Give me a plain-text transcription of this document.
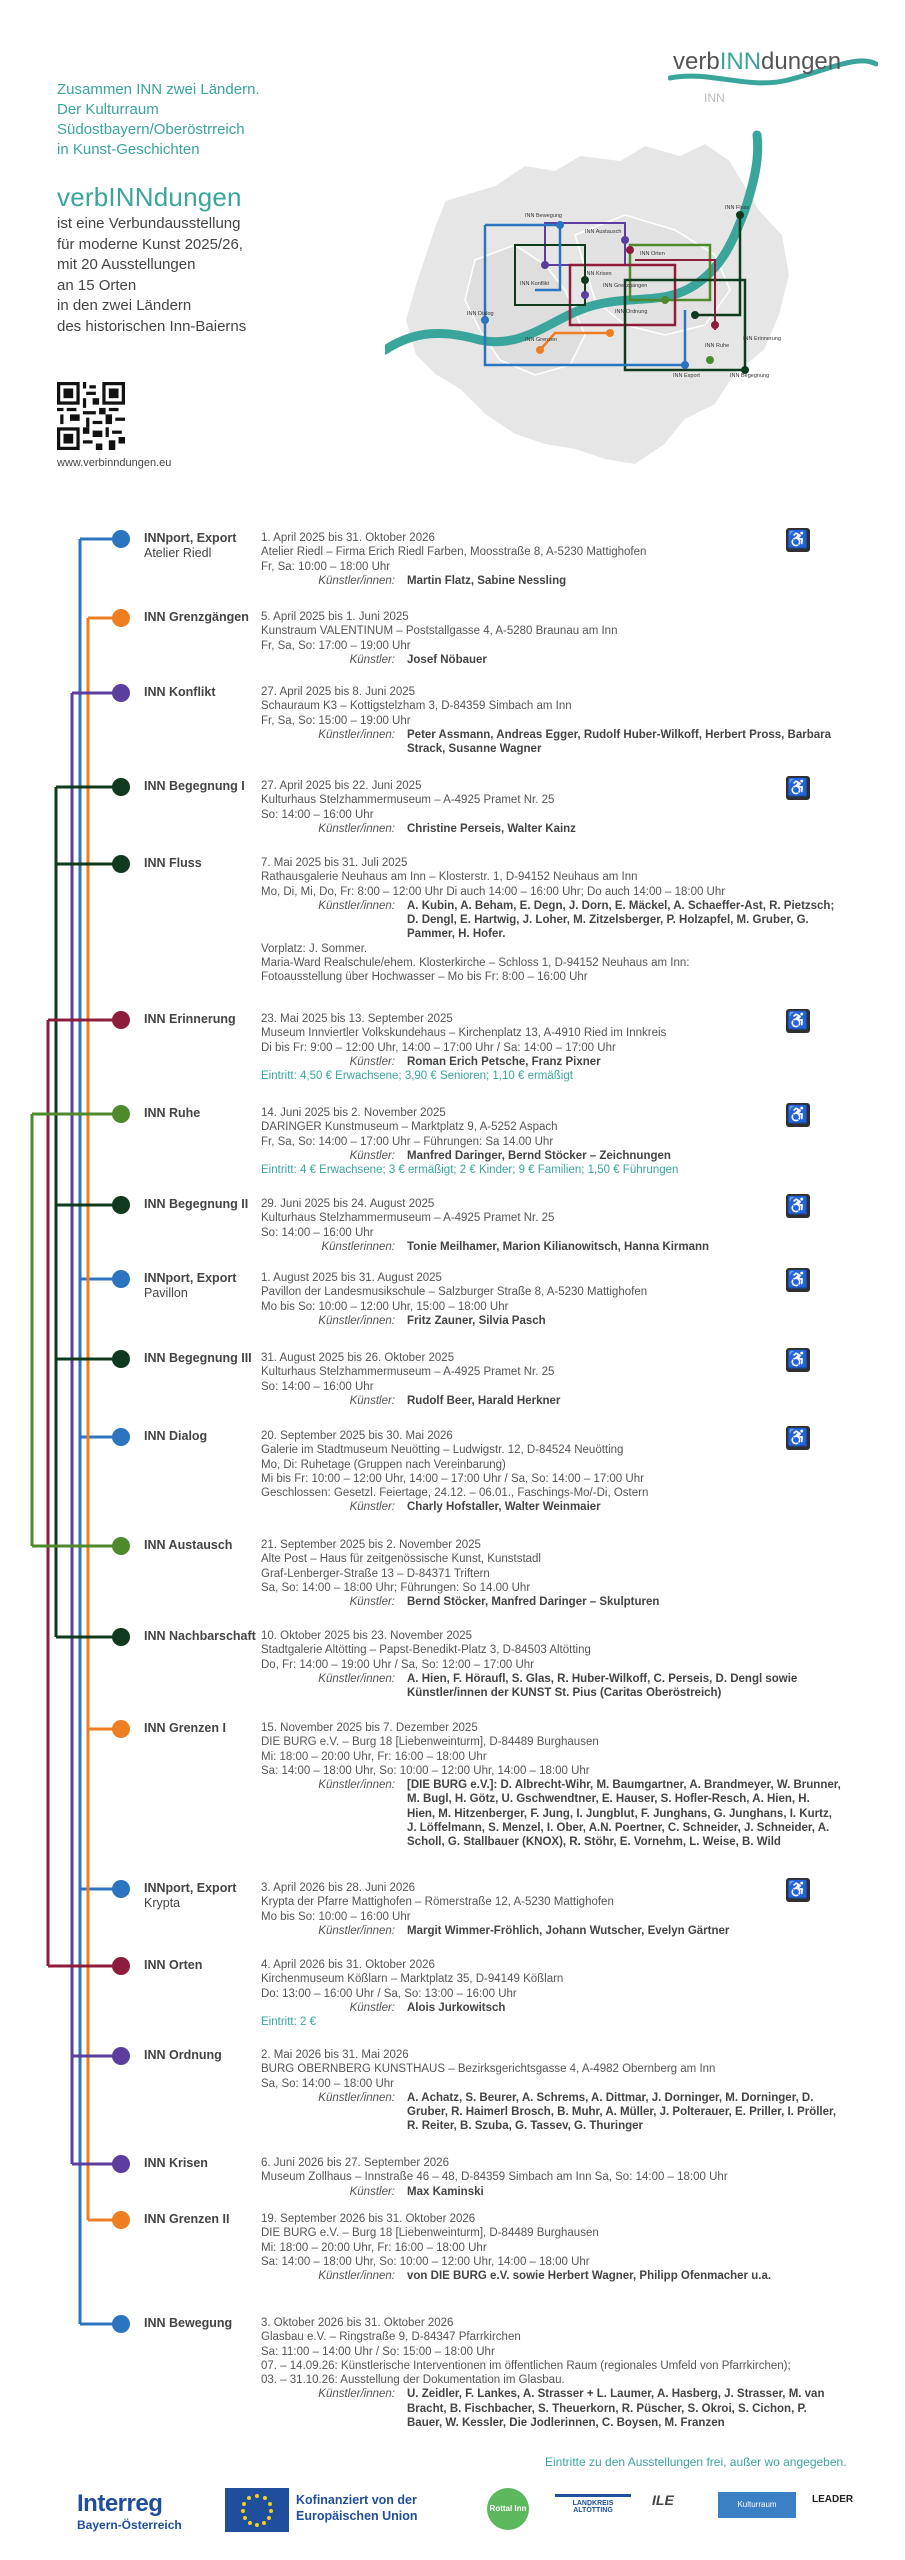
Zusammen INN zwei Ländern.
Der Kulturraum
Südostbayern/Oberöstrreich
in Kunst-Geschichten
verbINNdungen
ist eine Verbundausstellung
für moderne Kunst 2025/26,
mit 20 Ausstellungen
an 15 Orten
in den zwei Ländern
des historischen Inn-Baierns
www.verbinndungen.eu
INN
verbINNdungen
INN Bewegung
INN Austausch
INN Orten
INN Fluss
INN Konflikt
INN Krisen
INN Grenzgängen
INN Ordnung
INN Dialog
INN Grenzen	INN Erinnerung
INN Ruhe
INN Begegnung
INN Export
INNport, Export
Atelier Riedl
1. April 2025 bis 31. Oktober 2026
Atelier Riedl – Firma Erich Riedl Farben, Moosstraße 8, A-5230 Mattighofen
Fr, Sa: 10:00 – 18:00 Uhr
Künstler/innen:	Martin Flatz, Sabine Nessling
♿
INN Grenzgängen	5. April 2025 bis 1. Juni 2025
Kunstraum VALENTINUM – Poststallgasse 4, A-5280 Braunau am Inn
Fr, Sa, So: 17:00 – 19:00 Uhr
Künstler:	Josef Nöbauer
INN Konflikt	27. April 2025 bis 8. Juni 2025
Schauraum K3 – Kottigstelzham 3, D-84359 Simbach am Inn
Fr, Sa, So: 15:00 – 19:00 Uhr
Künstler/innen:	Peter Assmann, Andreas Egger, Rudolf Huber-Wilkoff, Herbert Pross, Barbara Strack, Susanne Wagner
INN Begegnung I	27. April 2025 bis 22. Juni 2025
Kulturhaus Stelzhammermuseum – A-4925 Pramet Nr. 25
So: 14:00 – 16:00 Uhr
Künstler/innen:	Christine Perseis, Walter Kainz
♿
INN Fluss	7. Mai 2025 bis 31. Juli 2025
Rathausgalerie Neuhaus am Inn – Klosterstr. 1, D-94152 Neuhaus am Inn
Mo, Di, Mi, Do, Fr: 8:00 – 12:00 Uhr Di auch 14:00 – 16:00 Uhr; Do auch 14:00 – 18:00 Uhr
Künstler/innen:	A. Kubin, A. Beham, E. Degn, J. Dorn, E. Mäckel, A. Schaeffer-Ast, R. Pietzsch; D. Dengl, E. Hartwig, J. Loher, M. Zitzelsberger, P. Holzapfel, M. Gruber, G. Pammer, H. Hofer.
Vorplatz: J. Sommer.
Maria-Ward Realschule/ehem. Klosterkirche – Schloss 1, D-94152 Neuhaus am Inn:
Fotoausstellung über Hochwasser – Mo bis Fr: 8:00 – 16:00 Uhr
INN Erinnerung	23. Mai 2025 bis 13. September 2025
Museum Innviertler Volkskundehaus – Kirchenplatz 13, A-4910 Ried im Innkreis
Di bis Fr: 9:00 – 12:00 Uhr, 14:00 – 17:00 Uhr / Sa: 14:00 – 17:00 Uhr
Künstler:	Roman Erich Petsche, Franz Pixner
Eintritt: 4,50 € Erwachsene; 3,90 € Senioren; 1,10 € ermäßigt
♿
INN Ruhe	14. Juni 2025 bis 2. November 2025
DARINGER Kunstmuseum – Marktplatz 9, A-5252 Aspach
Fr, Sa, So: 14:00 – 17:00 Uhr – Führungen: Sa 14.00 Uhr
Künstler:	Manfred Daringer, Bernd Stöcker – Zeichnungen
Eintritt: 4 € Erwachsene; 3 € ermäßigt; 2 € Kinder; 9 € Familien; 1,50 € Führungen
♿
INN Begegnung II	29. Juni 2025 bis 24. August 2025
Kulturhaus Stelzhammermuseum – A-4925 Pramet Nr. 25
So: 14:00 – 16:00 Uhr
Künstlerinnen:	Tonie Meilhamer, Marion Kilianowitsch, Hanna Kirmann
♿
INNport, Export
Pavillon
1. August 2025 bis 31. August 2025
Pavillon der Landesmusikschule – Salzburger Straße 8, A-5230 Mattighofen
Mo bis So: 10:00 – 12:00 Uhr, 15:00 – 18:00 Uhr
Künstler/innen:	Fritz Zauner, Silvia Pasch
♿
INN Begegnung III 31. August 2025 bis 26. Oktober 2025
Kulturhaus Stelzhammermuseum – A-4925 Pramet Nr. 25
So: 14:00 – 16:00 Uhr
Künstler:	Rudolf Beer, Harald Herkner
♿
INN Dialog	20. September 2025 bis 30. Mai 2026
Galerie im Stadtmuseum Neuötting – Ludwigstr. 12, D-84524 Neuötting
Mo, Di: Ruhetage (Gruppen nach Vereinbarung)
Mi bis Fr: 10:00 – 12:00 Uhr, 14:00 – 17:00 Uhr / Sa, So: 14:00 – 17:00 Uhr
Geschlossen: Gesetzl. Feiertage, 24.12. – 06.01., Faschings-Mo/-Di, Ostern
Künstler:	Charly Hofstaller, Walter Weinmaier
♿
INN Austausch	21. September 2025 bis 2. November 2025
Alte Post – Haus für zeitgenössische Kunst, Kunststadl
Graf-Lenberger-Straße 13 – D-84371 Triftern
Sa, So: 14:00 – 18:00 Uhr; Führungen: So 14.00 Uhr
Künstler:	Bernd Stöcker, Manfred Daringer – Skulpturen
INN Nachbarschaft 10. Oktober 2025 bis 23. November 2025
Stadtgalerie Altötting – Papst-Benedikt-Platz 3, D-84503 Altötting
Do, Fr: 14:00 – 19:00 Uhr / Sa, So: 12:00 – 17:00 Uhr
Künstler/innen:	A. Hien, F. Höraufl, S. Glas, R. Huber-Wilkoff, C. Perseis, D. Dengl sowie Künstler/innen der KUNST St. Pius (Caritas Oberöstreich)
INN Grenzen I	15. November 2025 bis 7. Dezember 2025
DIE BURG e.V. – Burg 18 [Liebenweinturm], D-84489 Burghausen
Mi: 18:00 – 20:00 Uhr, Fr: 16:00 – 18:00 Uhr
Sa: 14:00 – 18:00 Uhr, So: 10:00 – 12:00 Uhr, 14:00 – 18:00 Uhr
Künstler/innen:	[DIE BURG e.V.]: D. Albrecht-Wihr, M. Baumgartner, A. Brandmeyer, W. Brunner, M. Bugl, H. Götz, U. Gschwendtner, E. Hauser, S. Hofler-Resch, A. Hien, H. Hien, M. Hitzenberger, F. Jung, I. Jungblut, F. Junghans, G. Junghans, I. Kurtz, J. Löffelmann, S. Menzel, I. Ober, A.N. Poertner, C. Schneider, J. Schneider, A. Scholl, G. Stallbauer (KNOX), R. Stöhr, E. Vornehm, L. Weise, B. Wild
INNport, Export
Krypta
3. April 2026 bis 28. Juni 2026
Krypta der Pfarre Mattighofen – Römerstraße 12, A-5230 Mattighofen
Mo bis So: 10:00 – 16:00 Uhr
Künstler/innen:	Margit Wimmer-Fröhlich, Johann Wutscher, Evelyn Gärtner
♿
INN Orten	4. April 2026 bis 31. Oktober 2026
Kirchenmuseum Kößlarn – Marktplatz 35, D-94149 Kößlarn
Do: 13:00 – 16:00 Uhr / Sa, So: 13:00 – 16:00 Uhr
Künstler:	Alois Jurkowitsch
Eintritt: 2 €
INN Ordnung	2. Mai 2026 bis 31. Mai 2026
BURG OBERNBERG KUNSTHAUS – Bezirksgerichtsgasse 4, A-4982 Obernberg am Inn
Sa, So: 14:00 – 18:00 Uhr
Künstler/innen:	A. Achatz, S. Beurer, A. Schrems, A. Dittmar, J. Dorninger, M. Dorninger, D. Gruber, R. Haimerl Brosch, B. Muhr, A. Müller, J. Polterauer, E. Priller, I. Pröller, R. Reiter, B. Szuba, G. Tassev, G. Thuringer
INN Krisen	6. Juni 2026 bis 27. September 2026
Museum Zollhaus – Innstraße 46 – 48, D-84359 Simbach am Inn Sa, So: 14:00 – 18:00 Uhr
Künstler:	Max Kaminski
INN Grenzen II	19. September 2026 bis 31. Oktober 2026
DIE BURG e.V. – Burg 18 [Liebenweinturm], D-84489 Burghausen
Mi: 18:00 – 20:00 Uhr, Fr: 16:00 – 18:00 Uhr
Sa: 14:00 – 18:00 Uhr, So: 10:00 – 12:00 Uhr, 14:00 – 18:00 Uhr
Künstler/innen:	von DIE BURG e.V. sowie Herbert Wagner, Philipp Ofenmacher u.a.
INN Bewegung	3. Oktober 2026 bis 31. Oktober 2026
Glasbau e.V. – Ringstraße 9, D-84347 Pfarrkirchen
Sa: 11:00 – 14:00 Uhr / So: 15:00 – 18:00 Uhr
07. – 14.09.26: Künstlerische Interventionen im öffentlichen Raum (regionales Umfeld von Pfarrkirchen);
03. – 31.10.26: Ausstellung der Dokumentation im Glasbau.
Künstler/innen:	U. Zeidler, F. Lankes, A. Strasser + L. Laumer, A. Hasberg, J. Strasser, M. van Bracht, B. Fischbacher, S. Theuerkorn, R. Püscher, S. Okroi, S. Cichon, P. Bauer, W. Kessler, Die Jodlerinnen, C. Boysen, M. Franzen
Eintritte zu den Ausstellungen frei, außer wo angegeben.
Interreg
Bayern-Österreich
Kofinanziert von der Europäischen Union
Rottal Inn
LANDKREIS ALTÖTTING
ILE	Kulturraum	LEADER
